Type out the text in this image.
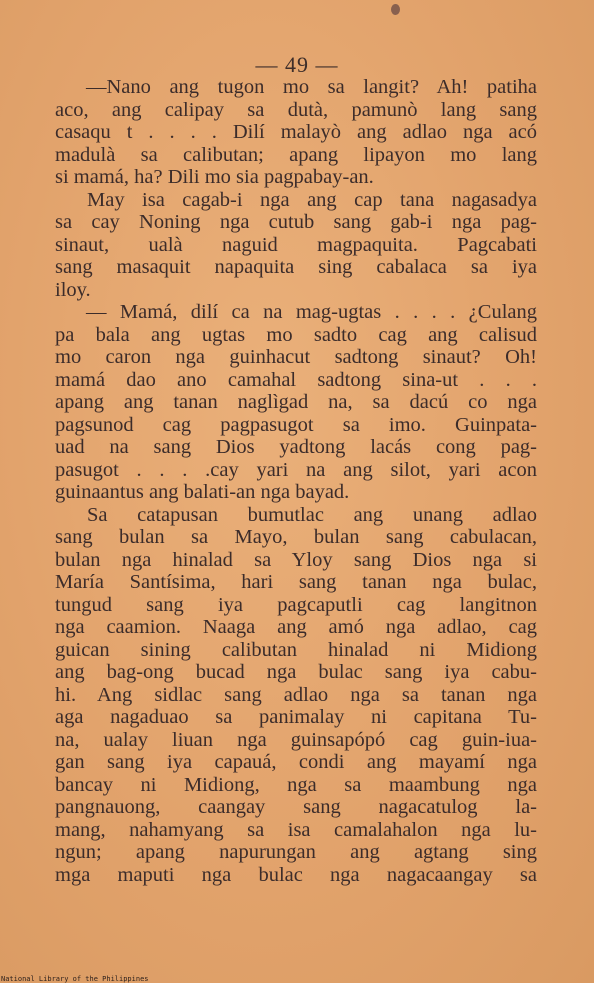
— 49 —
—Nano ang tugon mo sa langit? Ah! patiha
aco, ang calipay sa dutà, pamunò lang sang
casaqu t . . . . Dilí malayò ang adlao nga acó
madulà sa calibutan; apang lipayon mo lang
si mamá, ha? Dili mo sia pagpabay-an.
May isa cagab-i nga ang cap tana nagasadya
sa cay Noning nga cutub sang gab-i nga pag-
sinaut, ualà naguid magpaquita. Pagcabati
sang masaquit napaquita sing cabalaca sa iya
iloy.
— Mamá, dilí ca na mag-ugtas . . . . ¿Culang
pa bala ang ugtas mo sadto cag ang calisud
mo caron nga guinhacut sadtong sinaut? Oh!
mamá dao ano camahal sadtong sina-ut . . .
apang ang tanan naglìgad na, sa dacú co nga
pagsunod cag pagpasugot sa imo. Guinpata-
uad na sang Dios yadtong lacás cong pag-
pasugot . . . .cay yari na ang silot, yari acon
guinaantus ang balati-an nga bayad.
Sa catapusan bumutlac ang unang adlao
sang bulan sa Mayo, bulan sang cabulacan,
bulan nga hinalad sa Yloy sang Dios nga si
María Santísima, hari sang tanan nga bulac,
tungud sang iya pagcaputli cag langitnon
nga caamion. Naaga ang amó nga adlao, cag
guican sining calibutan hinalad ni Midiong
ang bag-ong bucad nga bulac sang iya cabu-
hi. Ang sidlac sang adlao nga sa tanan nga
aga nagaduao sa panimalay ni capitana Tu-
na, ualay liuan nga guinsapópó cag guin-iua-
gan sang iya capauá, condi ang mayamí nga
bancay ni Midiong, nga sa maambung nga
pangnauong, caangay sang nagacatulog la-
mang, nahamyang sa isa camalahalon nga lu-
ngun; apang napurungan ang agtang sing
mga maputi nga bulac nga nagacaangay sa
National Library of the Philippines
